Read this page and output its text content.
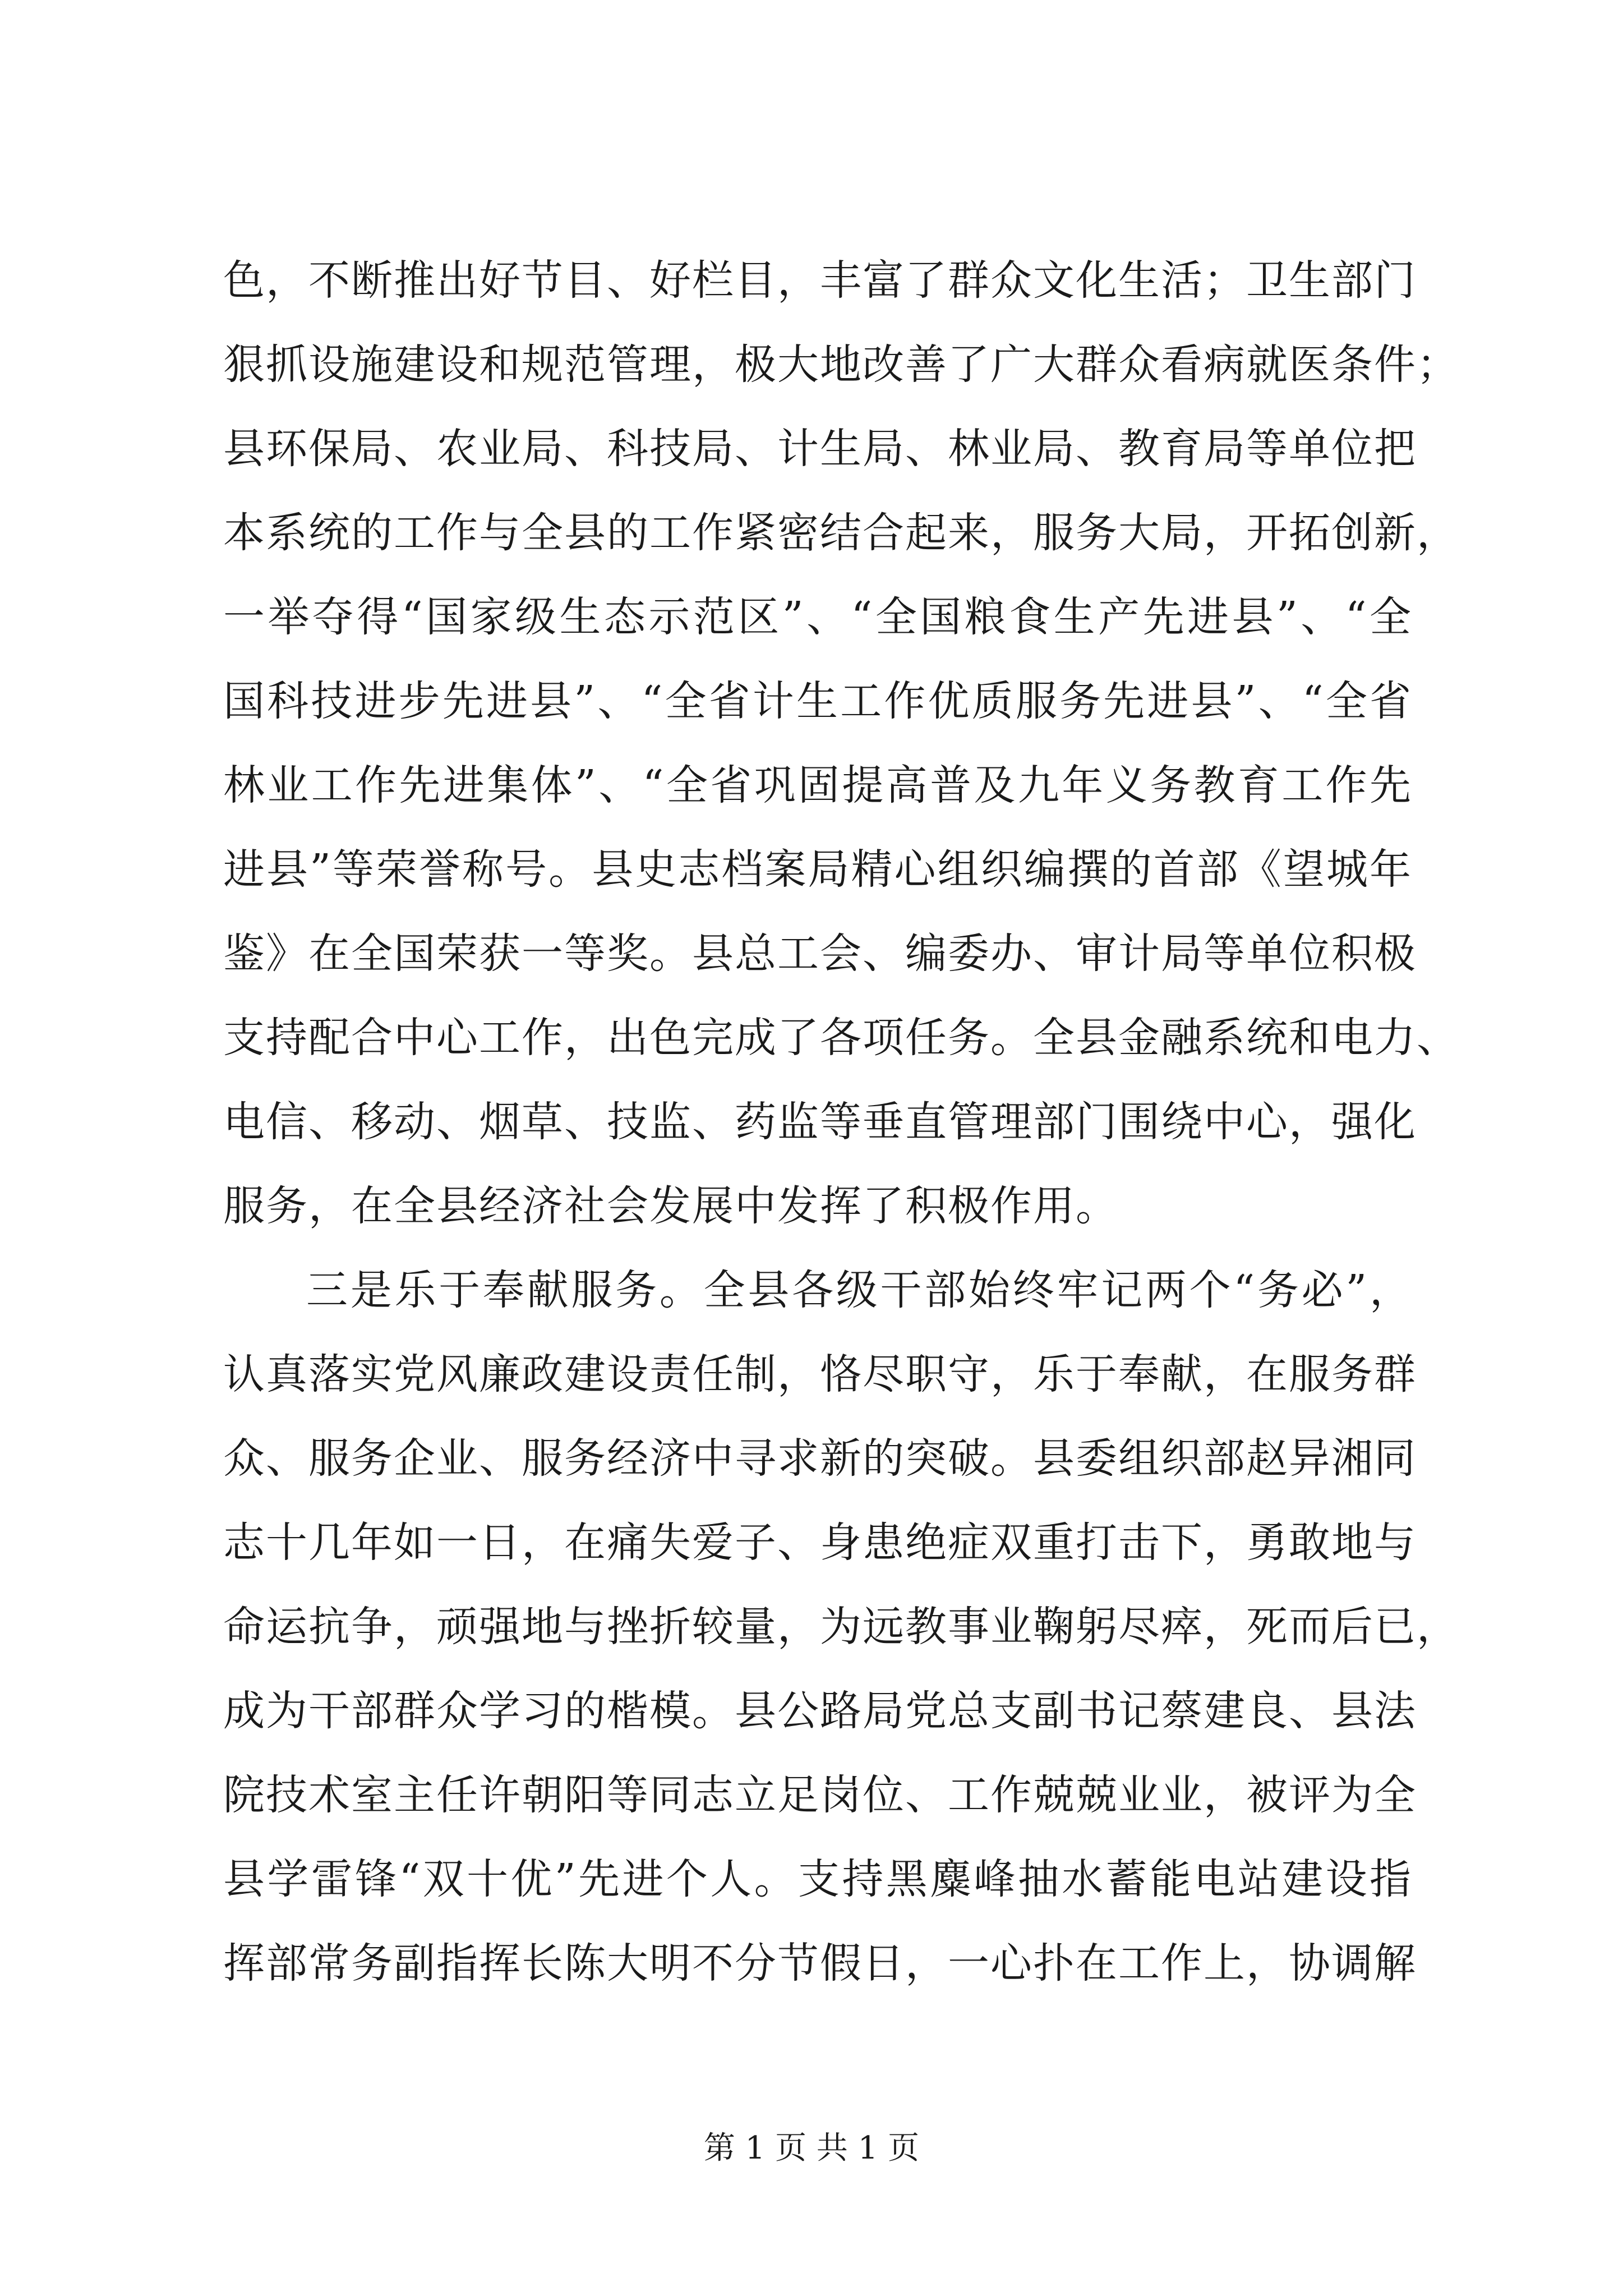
色，不断推出好节目、好栏目，丰富了群众文化生活；卫生部门
狠抓设施建设和规范管理，极大地改善了广大群众看病就医条件；
县环保局、农业局、科技局、计生局、林业局、教育局等单位把
本系统的工作与全县的工作紧密结合起来，服务大局，开拓创新，
一举夺得“国家级生态示范区”、“全国粮食生产先进县”、“全
国科技进步先进县”、“全省计生工作优质服务先进县”、“全省
林业工作先进集体”、“全省巩固提高普及九年义务教育工作先
进县”等荣誉称号。县史志档案局精心组织编撰的首部《望城年
鉴》在全国荣获一等奖。县总工会、编委办、审计局等单位积极
支持配合中心工作，出色完成了各项任务。全县金融系统和电力、
电信、移动、烟草、技监、药监等垂直管理部门围绕中心，强化
服务，在全县经济社会发展中发挥了积极作用。
三是乐于奉献服务。全县各级干部始终牢记两个“务必”，
认真落实党风廉政建设责任制，恪尽职守，乐于奉献，在服务群
众、服务企业、服务经济中寻求新的突破。县委组织部赵异湘同
志十几年如一日，在痛失爱子、身患绝症双重打击下，勇敢地与
命运抗争，顽强地与挫折较量，为远教事业鞠躬尽瘁，死而后已，
成为干部群众学习的楷模。县公路局党总支副书记蔡建良、县法
院技术室主任许朝阳等同志立足岗位、工作兢兢业业，被评为全
县学雷锋“双十优”先进个人。支持黑麋峰抽水蓄能电站建设指
挥部常务副指挥长陈大明不分节假日，一心扑在工作上，协调解
第 1 页 共 1 页
